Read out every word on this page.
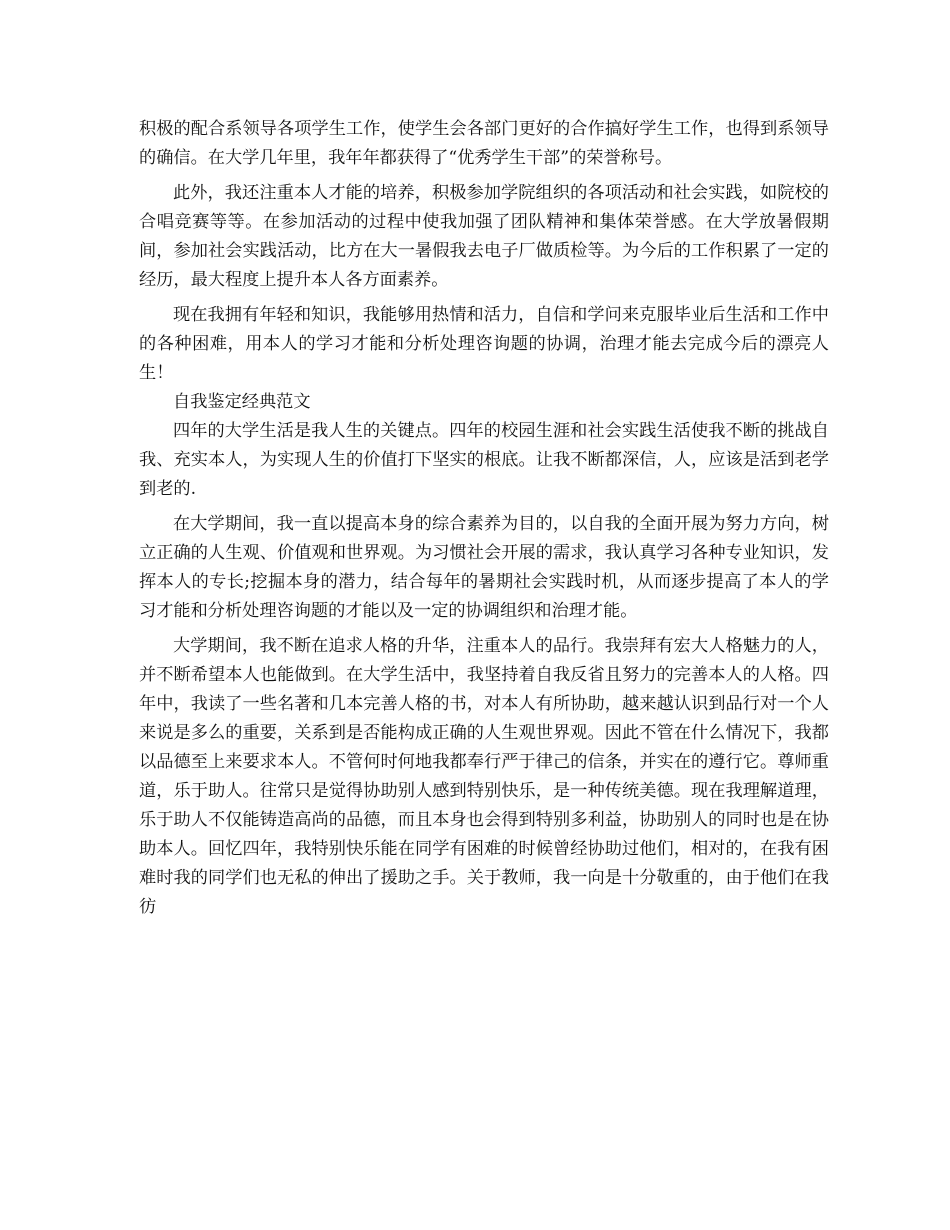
积极的配合系领导各项学生工作，使学生会各部门更好的合作搞好学生工作，也得到系领导的确信。在大学几年里，我年年都获得了“优秀学生干部”的荣誉称号。

此外，我还注重本人才能的培养，积极参加学院组织的各项活动和社会实践，如院校的合唱竞赛等等。在参加活动的过程中使我加强了团队精神和集体荣誉感。在大学放暑假期间，参加社会实践活动，比方在大一暑假我去电子厂做质检等。为今后的工作积累了一定的经历，最大程度上提升本人各方面素养。

现在我拥有年轻和知识，我能够用热情和活力，自信和学问来克服毕业后生活和工作中的各种困难，用本人的学习才能和分析处理咨询题的协调，治理才能去完成今后的漂亮人生！

自我鉴定经典范文

四年的大学生活是我人生的关键点。四年的校园生涯和社会实践生活使我不断的挑战自我、充实本人，为实现人生的价值打下坚实的根底。让我不断都深信，人，应该是活到老学到老的.

在大学期间，我一直以提高本身的综合素养为目的，以自我的全面开展为努力方向，树立正确的人生观、价值观和世界观。为习惯社会开展的需求，我认真学习各种专业知识，发挥本人的专长;挖掘本身的潜力，结合每年的暑期社会实践时机，从而逐步提高了本人的学习才能和分析处理咨询题的才能以及一定的协调组织和治理才能。

大学期间，我不断在追求人格的升华，注重本人的品行。我崇拜有宏大人格魅力的人，并不断希望本人也能做到。在大学生活中，我坚持着自我反省且努力的完善本人的人格。四年中，我读了一些名著和几本完善人格的书，对本人有所协助，越来越认识到品行对一个人来说是多么的重要，关系到是否能构成正确的人生观世界观。因此不管在什么情况下，我都以品德至上来要求本人。不管何时何地我都奉行严于律己的信条，并实在的遵行它。尊师重道，乐于助人。往常只是觉得协助别人感到特别快乐，是一种传统美德。现在我理解道理，乐于助人不仅能铸造高尚的品德，而且本身也会得到特别多利益，协助别人的同时也是在协助本人。回忆四年，我特别快乐能在同学有困难的时候曾经协助过他们，相对的，在我有困难时我的同学们也无私的伸出了援助之手。关于教师，我一向是十分敬重的，由于他们在我彷
